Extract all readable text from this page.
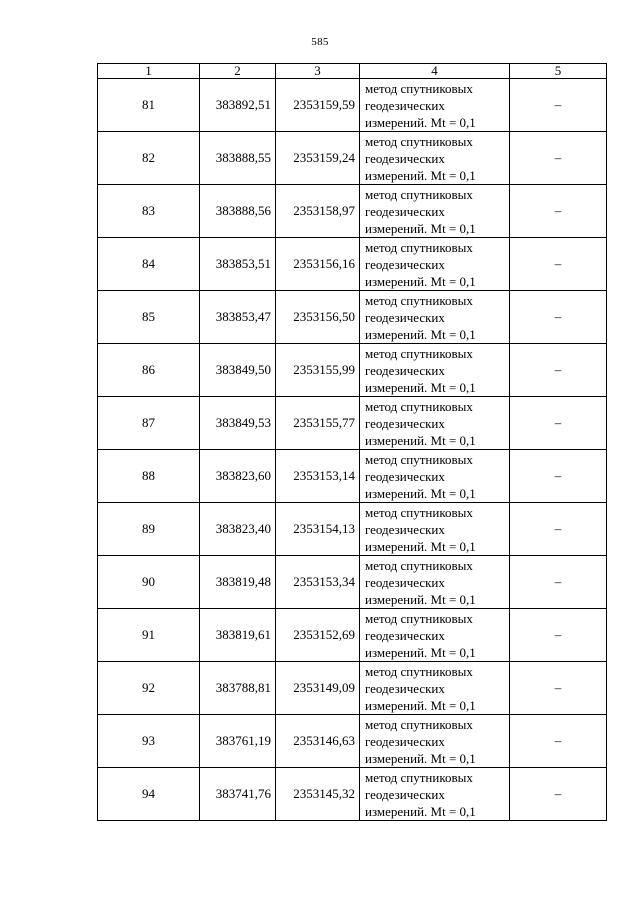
585
1	2	3	4	5
81	383892,51	2353159,59	метод спутниковых
геодезических
измерений. Mt = 0,1	–
82	383888,55	2353159,24	метод спутниковых
геодезических
измерений. Mt = 0,1	–
83	383888,56	2353158,97	метод спутниковых
геодезических
измерений. Mt = 0,1	–
84	383853,51	2353156,16	метод спутниковых
геодезических
измерений. Mt = 0,1	–
85	383853,47	2353156,50	метод спутниковых
геодезических
измерений. Mt = 0,1	–
86	383849,50	2353155,99	метод спутниковых
геодезических
измерений. Mt = 0,1	–
87	383849,53	2353155,77	метод спутниковых
геодезических
измерений. Mt = 0,1	–
88	383823,60	2353153,14	метод спутниковых
геодезических
измерений. Mt = 0,1	–
89	383823,40	2353154,13	метод спутниковых
геодезических
измерений. Mt = 0,1	–
90	383819,48	2353153,34	метод спутниковых
геодезических
измерений. Mt = 0,1	–
91	383819,61	2353152,69	метод спутниковых
геодезических
измерений. Mt = 0,1	–
92	383788,81	2353149,09	метод спутниковых
геодезических
измерений. Mt = 0,1	–
93	383761,19	2353146,63	метод спутниковых
геодезических
измерений. Mt = 0,1	–
94	383741,76	2353145,32	метод спутниковых
геодезических
измерений. Mt = 0,1	–
